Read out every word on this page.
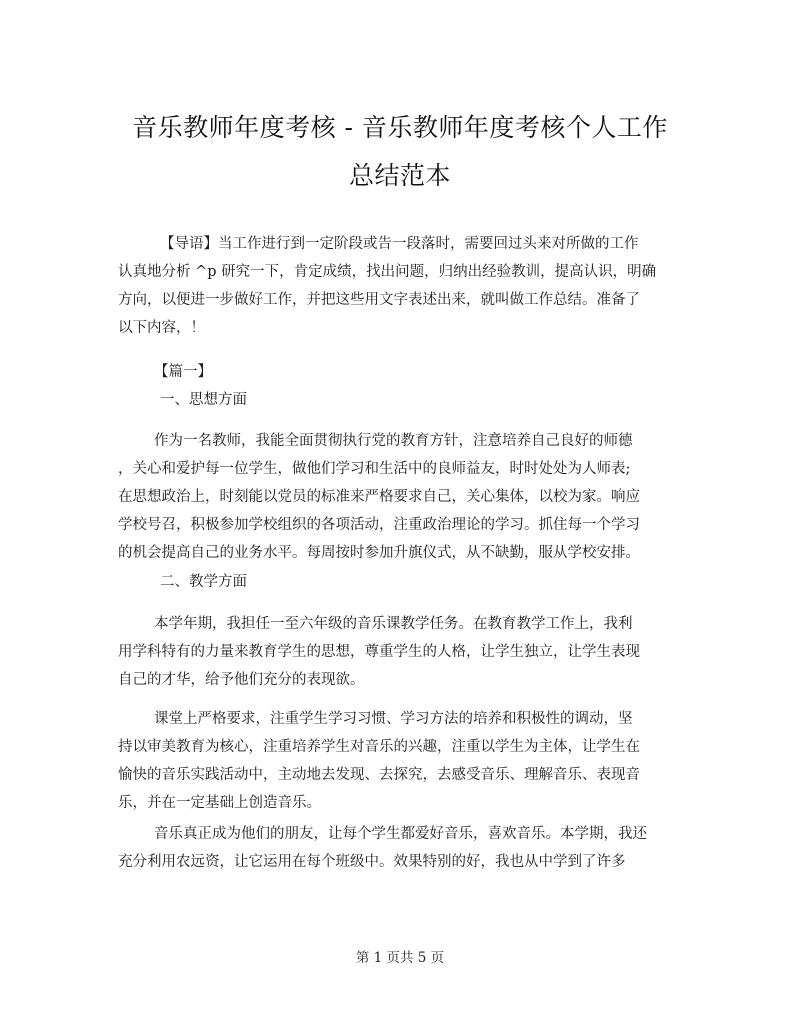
音乐教师年度考核 - 音乐教师年度考核个人工作
总结范本
【导语】当工作进行到一定阶段或告一段落时，需要回过头来对所做的工作
认真地分析 ^p 研究一下，肯定成绩，找出问题，归纳出经验教训，提高认识，明确
方向，以便进一步做好工作，并把这些用文字表述出来，就叫做工作总结。准备了
以下内容，！
【篇一】
一、思想方面
作为一名教师，我能全面贯彻执行党的教育方针，注意培养自己良好的师德
，关心和爱护每一位学生，做他们学习和生活中的良师益友，时时处处为人师表;
在思想政治上，时刻能以党员的标准来严格要求自己，关心集体，以校为家。响应
学校号召，积极参加学校组织的各项活动，注重政治理论的学习。抓住每一个学习
的机会提高自己的业务水平。每周按时参加升旗仪式，从不缺勤，服从学校安排。
二、教学方面
本学年期，我担任一至六年级的音乐课教学任务。在教育教学工作上，我利
用学科特有的力量来教育学生的思想，尊重学生的人格，让学生独立，让学生表现
自己的才华，给予他们充分的表现欲。
课堂上严格要求，注重学生学习习惯、学习方法的培养和积极性的调动，坚
持以审美教育为核心，注重培养学生对音乐的兴趣，注重以学生为主体，让学生在
愉快的音乐实践活动中，主动地去发现、去探究，去感受音乐、理解音乐、表现音
乐，并在一定基础上创造音乐。
音乐真正成为他们的朋友，让每个学生都爱好音乐，喜欢音乐。本学期，我还
充分利用农远资，让它运用在每个班级中。效果特别的好，我也从中学到了许多
第 1 页共 5 页
